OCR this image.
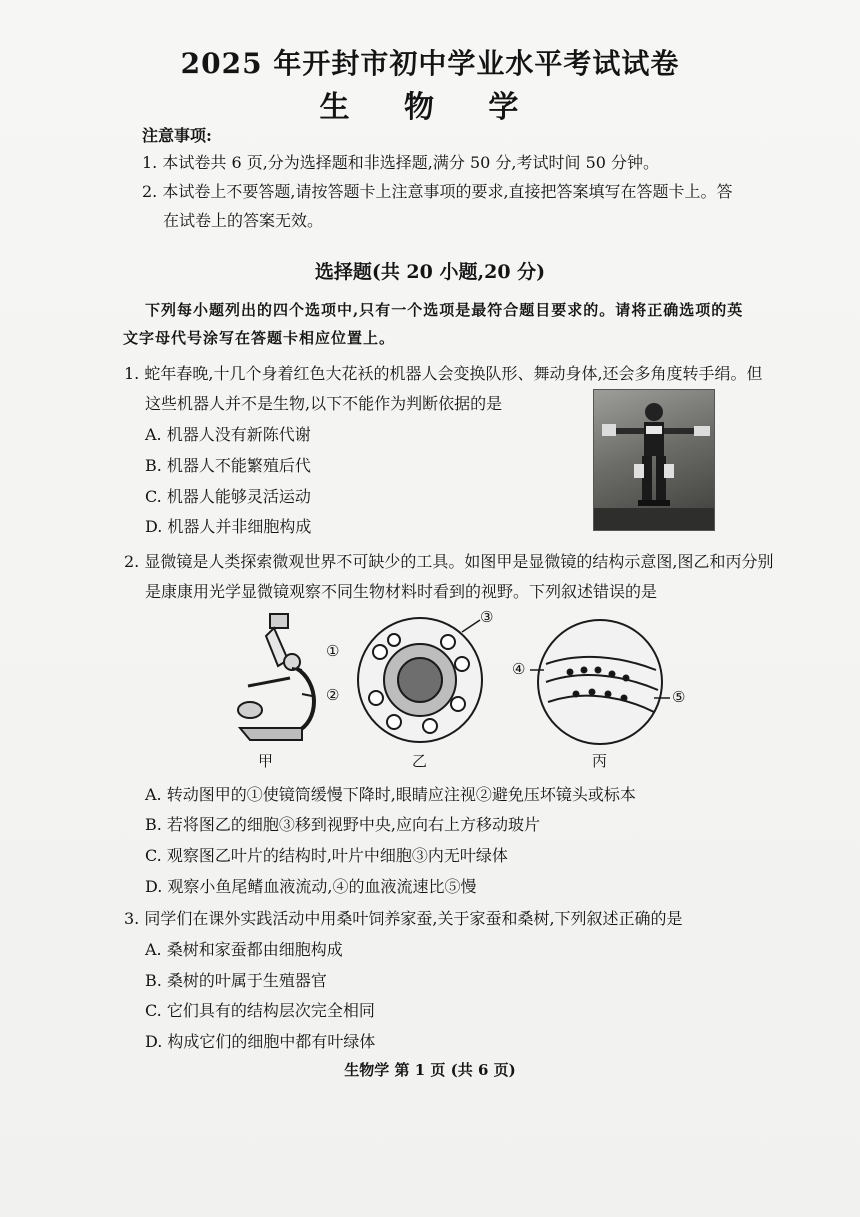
2025 年开封市初中学业水平考试试卷
生 物 学
注意事项:
1. 本试卷共 6 页,分为选择题和非选择题,满分 50 分,考试时间 50 分钟。
2. 本试卷上不要答题,请按答题卡上注意事项的要求,直接把答案填写在答题卡上。答
在试卷上的答案无效。
选择题(共 20 小题,20 分)
下列每小题列出的四个选项中,只有一个选项是最符合题目要求的。请将正确选项的英
文字母代号涂写在答题卡相应位置上。
1. 蛇年春晚,十几个身着红色大花袄的机器人会变换队形、舞动身体,还会多角度转手绢。但
这些机器人并不是生物,以下不能作为判断依据的是
A. 机器人没有新陈代谢
B. 机器人不能繁殖后代
C. 机器人能够灵活运动
D. 机器人并非细胞构成
2. 显微镜是人类探索微观世界不可缺少的工具。如图甲是显微镜的结构示意图,图乙和丙分别
是康康用光学显微镜观察不同生物材料时看到的视野。下列叙述错误的是
甲	乙	丙
①
②
③
④
⑤
A. 转动图甲的①使镜筒缓慢下降时,眼睛应注视②避免压坏镜头或标本
B. 若将图乙的细胞③移到视野中央,应向右上方移动玻片
C. 观察图乙叶片的结构时,叶片中细胞③内无叶绿体
D. 观察小鱼尾鳍血液流动,④的血液流速比⑤慢
3. 同学们在课外实践活动中用桑叶饲养家蚕,关于家蚕和桑树,下列叙述正确的是
A. 桑树和家蚕都由细胞构成
B. 桑树的叶属于生殖器官
C. 它们具有的结构层次完全相同
D. 构成它们的细胞中都有叶绿体
生物学 第 1 页 (共 6 页)
